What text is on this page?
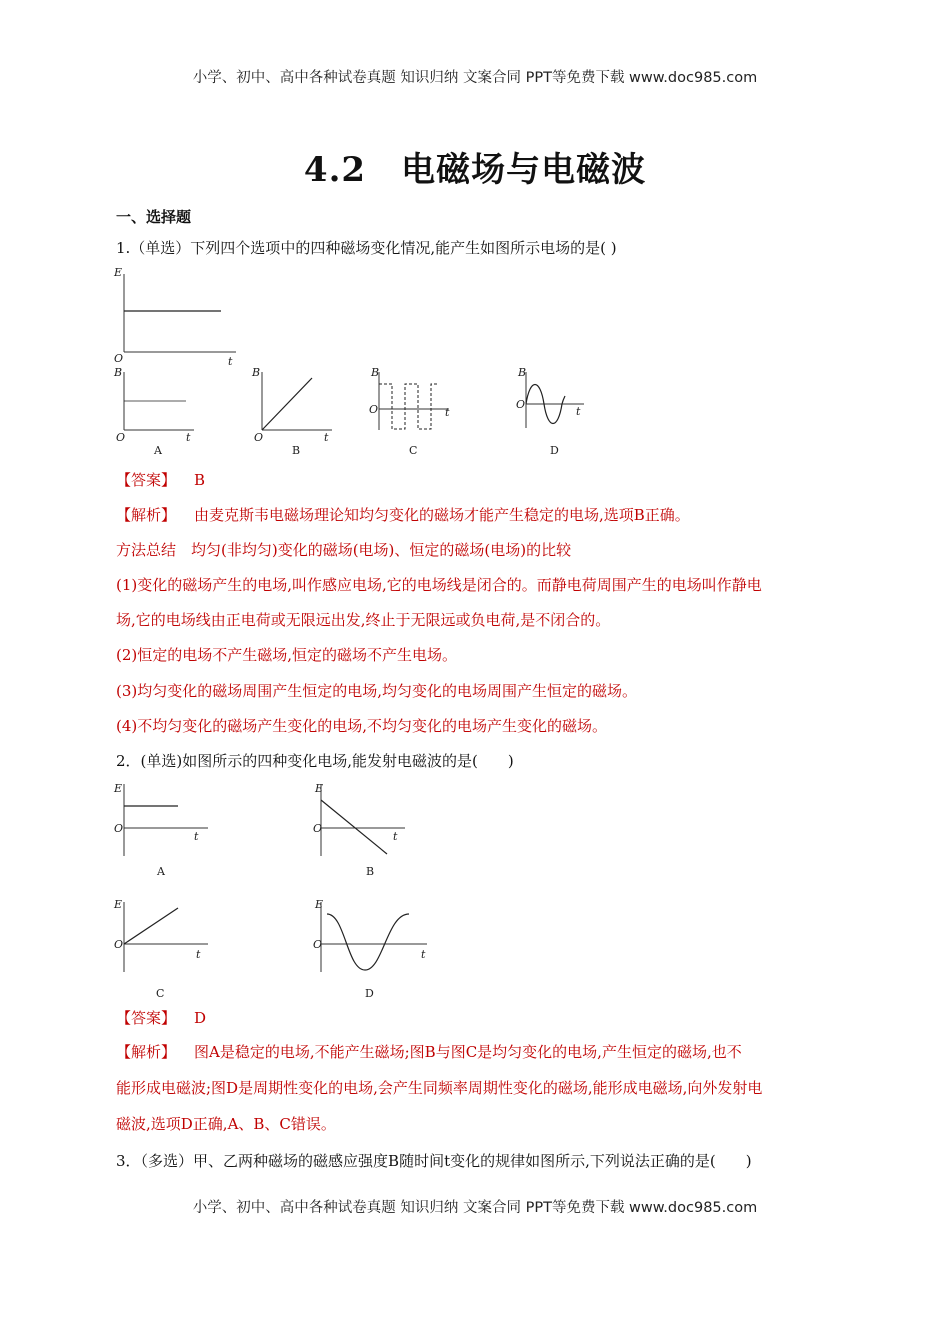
小学、初中、高中各种试卷真题 知识归纳 文案合同 PPT等免费下载 www.doc985.com
小学、初中、高中各种试卷真题 知识归纳 文案合同 PPT等免费下载 www.doc985.com
4.2　电磁场与电磁波
一、选择题
1.（单选）下列四个选项中的四种磁场变化情况,能产生如图所示电场的是( )
E
O	t
B
O	t
A
B
O	t
B
B
O	t
C
B
O
t
D
【答案】 B
【解析】 由麦克斯韦电磁场理论知均匀变化的磁场才能产生稳定的电场,选项B正确。
方法总结　均匀(非均匀)变化的磁场(电场)、恒定的磁场(电场)的比较
(1)变化的磁场产生的电场,叫作感应电场,它的电场线是闭合的。而静电荷周围产生的电场叫作静电
场,它的电场线由正电荷或无限远出发,终止于无限远或负电荷,是不闭合的。
(2)恒定的电场不产生磁场,恒定的磁场不产生电场。
(3)均匀变化的磁场周围产生恒定的电场,均匀变化的电场周围产生恒定的磁场。
(4)不均匀变化的磁场产生变化的电场,不均匀变化的电场产生变化的磁场。
2．(单选)如图所示的四种变化电场,能发射电磁波的是(　　)
E
O
t
A
E
O
t
B
E
O
t
C
E
O
t
D
【答案】 D
【解析】 图A是稳定的电场,不能产生磁场;图B与图C是均匀变化的电场,产生恒定的磁场,也不
能形成电磁波;图D是周期性变化的电场,会产生同频率周期性变化的磁场,能形成电磁场,向外发射电
磁波,选项D正确,A、B、C错误。
3．（多选）甲、乙两种磁场的磁感应强度B随时间t变化的规律如图所示,下列说法正确的是(　　)
